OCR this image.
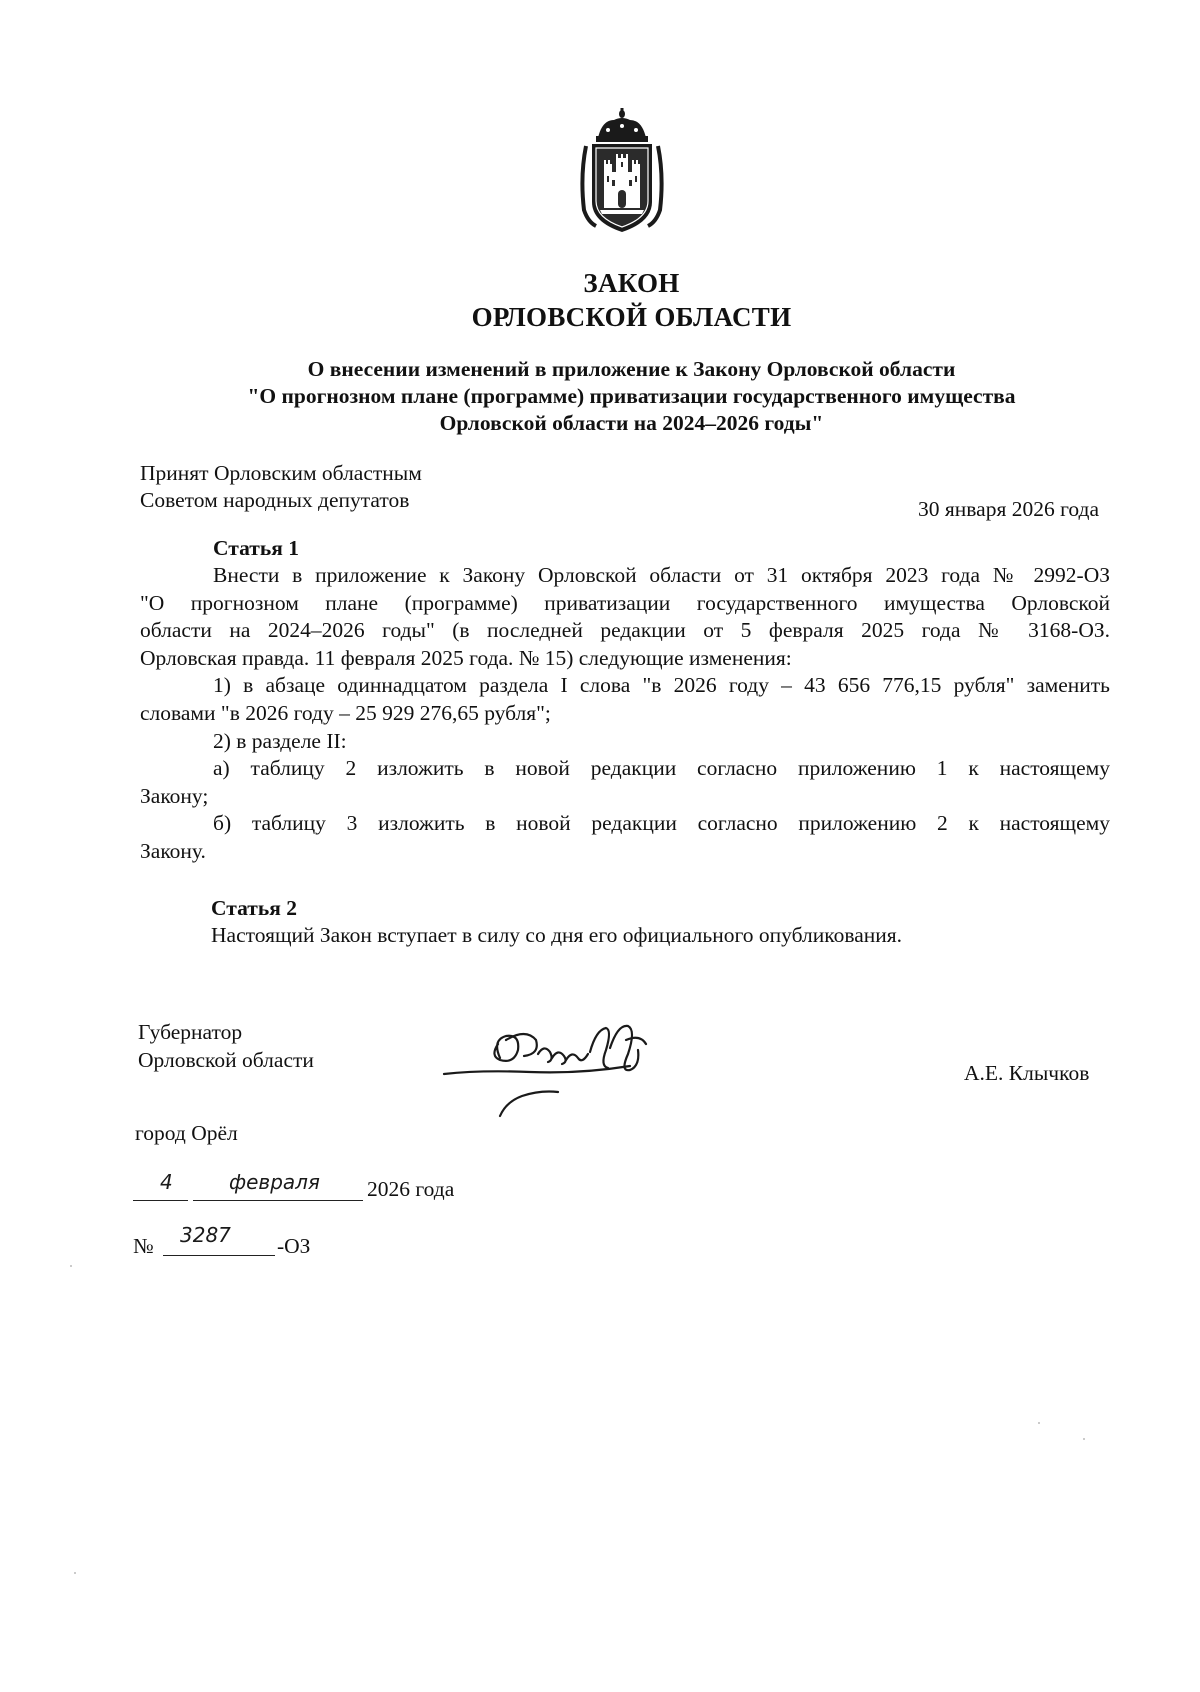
ЗАКОН
ОРЛОВСКОЙ ОБЛАСТИ
О внесении изменений в приложение к Закону Орловской области
"О прогнозном плане (программе) приватизации государственного имущества
Орловской области на 2024–2026 годы"
Принят Орловским областным
Советом народных депутатов	30 января 2026 года
Статья 1
Внести в приложение к Закону Орловской области от 31 октября 2023 года № 2992-ОЗ
"О прогнозном плане (программе) приватизации государственного имущества Орловской
области на 2024–2026 годы" (в последней редакции от 5 февраля 2025 года № 3168-ОЗ.
Орловская правда. 11 февраля 2025 года. № 15) следующие изменения:
1) в абзаце одиннадцатом раздела I слова "в 2026 году – 43 656 776,15 рубля" заменить
словами "в 2026 году – 25 929 276,65 рубля";
2) в разделе II:
а) таблицу 2 изложить в новой редакции согласно приложению 1 к настоящему
Закону;
б) таблицу 3 изложить в новой редакции согласно приложению 2 к настоящему
Закону.
Статья 2
Настоящий Закон вступает в силу со дня его официального опубликования.
Губернатор
Орловской области
А.Е. Клычков
город Орёл
4	февраля 2026 года
№ 3287 -ОЗ
